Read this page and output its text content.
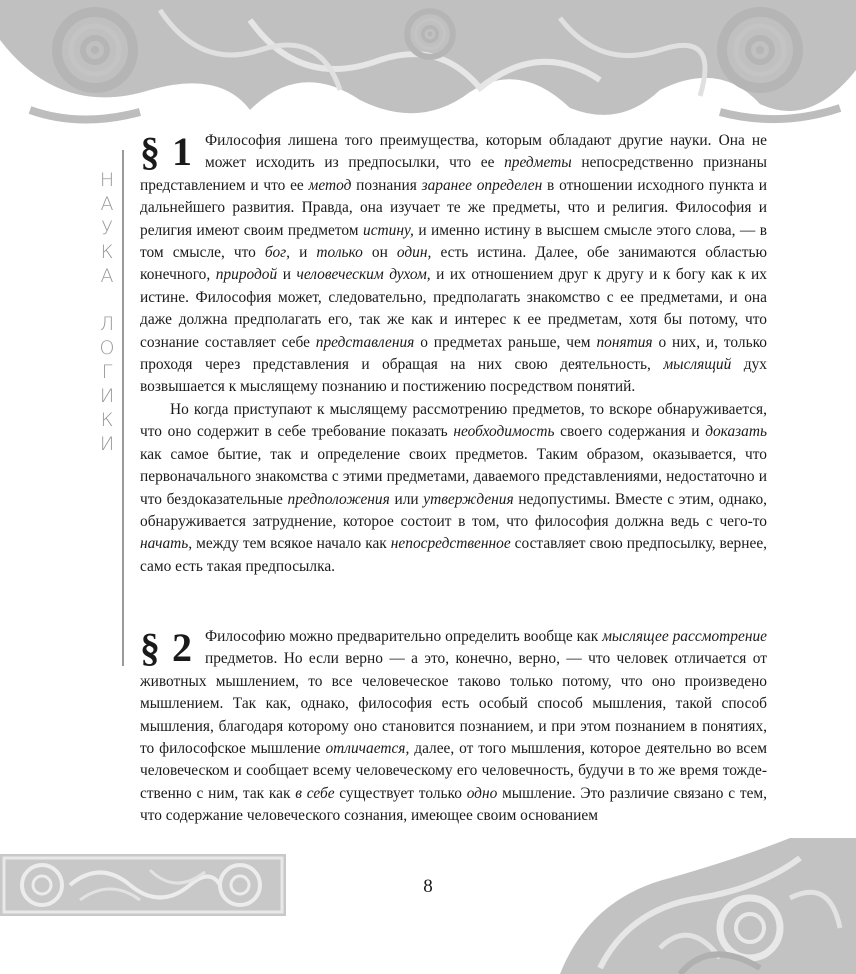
Н
А
У
К
А
Л
О
Г
И
К
И

§ 1 Философия лишена того преимущества, которым обладают другие науки. Она не может исходить из предпосылки, что ее предметы непосредственно признаны представлением и что ее метод познания заранее определен в отношении исходного пункта и дальнейшего развития. Правда, она изучает те же предметы, что и религия. Философия и религия имеют своим предметом истину, и именно истину в высшем смысле этого слова, — в том смысле, что бог, и только он один, есть истина. Далее, обе занимаются областью конечного, природой и человеческим духом, и их отношением друг к другу и к богу как к их истине. Философия может, следовательно, предполагать знакомство с ее предметами, и она даже должна предполагать его, так же как и интерес к ее предметам, хотя бы потому, что сознание составляет себе представления о предметах раньше, чем понятия о них, и, только проходя через представления и обращая на них свою деятельность, мыслящий дух возвышается к мыслящему познанию и постижению посредством понятий.

Но когда приступают к мыслящему рассмотрению предметов, то вскоре обнаруживается, что оно содержит в себе требование показать необходимость своего содержания и доказать как самое бытие, так и определение своих предметов. Таким образом, оказывается, что первоначального знакомства с этими предметами, даваемого представлениями, недостаточно и что бездоказательные предположения или утверждения недопустимы. Вместе с этим, однако, обнаруживается затруднение, которое состоит в том, что философия должна ведь с чего-то начать, между тем всякое начало как непосредственное составляет свою предпосылку, вернее, само есть такая предпосылка.

§ 2 Философию можно предварительно определить вообще как мыслящее рассмотрение предметов. Но если верно — а это, конечно, верно, — что человек отличается от животных мышлением, то все человеческое таково только потому, что оно произведено мышлением. Так как, однако, философия есть особый способ мышления, такой способ мышления, благодаря которому оно становится познанием, и при этом познанием в понятиях, то философское мышление отличается, далее, от того мышления, которое деятельно во всем человеческом и сообщает всему человеческому его человечность, будучи в то же время тождественно с ним, так как в себе существует только одно мышление. Это различие связано с тем, что содержание человеческого сознания, имеющее своим основанием

8
